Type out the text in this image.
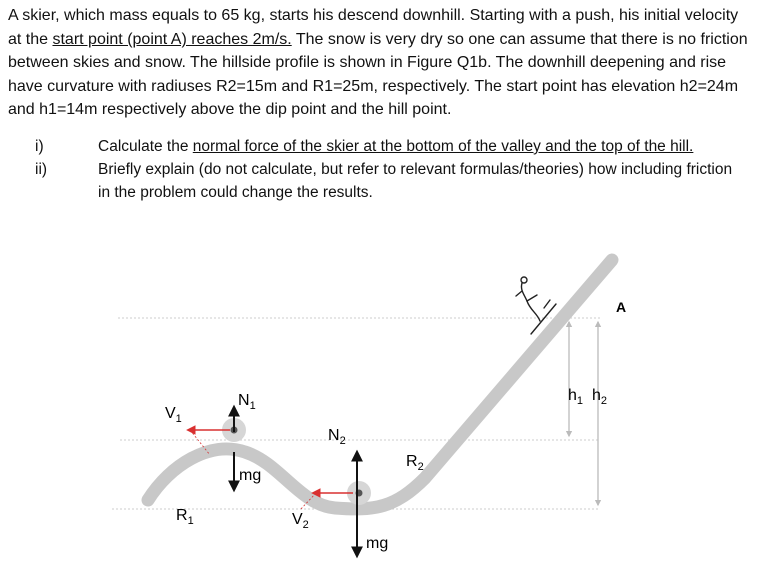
A skier, which mass equals to 65 kg, starts his descend downhill. Starting with a push, his initial velocity at the start point (point A) reaches 2m/s. The snow is very dry so one can assume that there is no friction between skies and snow. The hillside profile is shown in Figure Q1b. The downhill deepening and rise have curvature with radiuses R2=15m and R1=25m, respectively. The start point has elevation h2=24m and h1=14m respectively above the dip point and the hill point.

i)	Calculate the normal force of the skier at the bottom of the valley and the top of the hill.
ii)	Briefly explain (do not calculate, but refer to relevant formulas/theories) how including friction in the problem could change the results.
A
$h_1$ $h_2$
$N_1$
mg
$V_1$
$R_1$
$N_2$
mg
$V_2$
$R_2$
